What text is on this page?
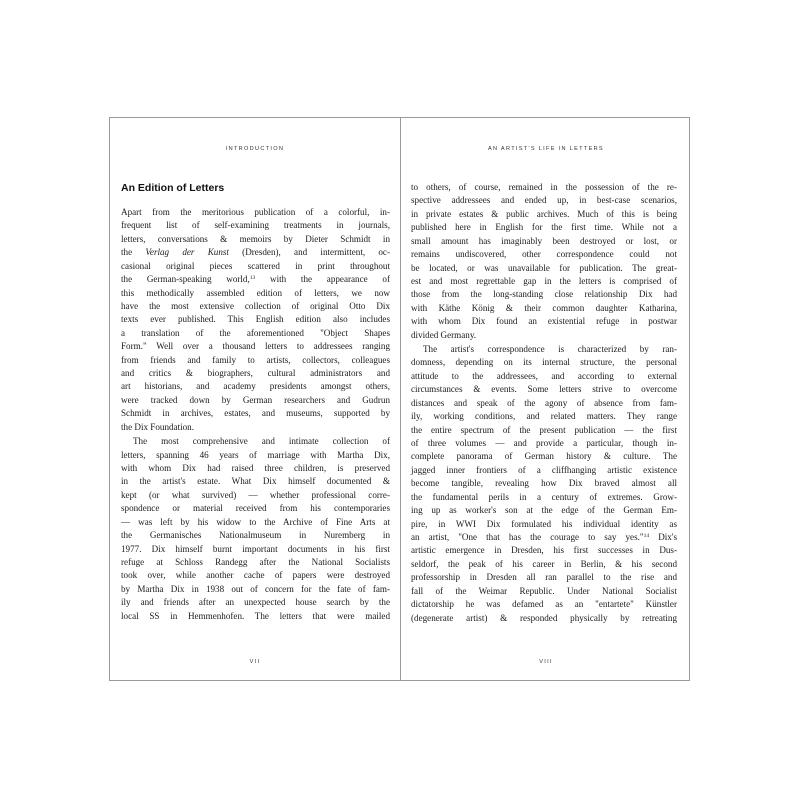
INTRODUCTION
An Edition of Letters
Apart from the meritorious publication of a colorful, in-
frequent list of self-examining treatments in journals,
letters, conversations & memoirs by Dieter Schmidt in
the Verlag der Kunst (Dresden), and intermittent, oc-
casional original pieces scattered in print throughout
the German-speaking world,$^{13}$ with the appearance of
this methodically assembled edition of letters, we now
have the most extensive collection of original Otto Dix
texts ever published. This English edition also includes
a translation of the aforementioned "Object Shapes
Form." Well over a thousand letters to addressees ranging
from friends and family to artists, collectors, colleagues
and critics & biographers, cultural administrators and
art historians, and academy presidents amongst others,
were tracked down by German researchers and Gudrun
Schmidt in archives, estates, and museums, supported by
the Dix Foundation.
The most comprehensive and intimate collection of
letters, spanning 46 years of marriage with Martha Dix,
with whom Dix had raised three children, is preserved
in the artist's estate. What Dix himself documented &
kept (or what survived) — whether professional corre-
spondence or material received from his contemporaries
— was left by his widow to the Archive of Fine Arts at
the Germanisches Nationalmuseum in Nuremberg in
1977. Dix himself burnt important documents in his first
refuge at Schloss Randegg after the National Socialists
took over, while another cache of papers were destroyed
by Martha Dix in 1938 out of concern for the fate of fam-
ily and friends after an unexpected house search by the
local SS in Hemmenhofen. The letters that were mailed
VII
AN ARTIST'S LIFE IN LETTERS
to others, of course, remained in the possession of the re-
spective addressees and ended up, in best-case scenarios,
in private estates & public archives. Much of this is being
published here in English for the first time. While not a
small amount has imaginably been destroyed or lost, or
remains undiscovered, other correspondence could not
be located, or was unavailable for publication. The great-
est and most regrettable gap in the letters is comprised of
those from the long-standing close relationship Dix had
with Käthe König & their common daughter Katharina,
with whom Dix found an existential refuge in postwar
divided Germany.
The artist's correspondence is characterized by ran-
domness, depending on its internal structure, the personal
attitude to the addressees, and according to external
circumstances & events. Some letters strive to overcome
distances and speak of the agony of absence from fam-
ily, working conditions, and related matters. They range
the entire spectrum of the present publication — the first
of three volumes — and provide a particular, though in-
complete panorama of German history & culture. The
jagged inner frontiers of a cliffhanging artistic existence
become tangible, revealing how Dix braved almost all
the fundamental perils in a century of extremes. Grow-
ing up as worker's son at the edge of the German Em-
pire, in WWI Dix formulated his individual identity as
an artist, "One that has the courage to say yes."$^{14}$ Dix's
artistic emergence in Dresden, his first successes in Dus-
seldorf, the peak of his career in Berlin, & his second
professorship in Dresden all ran parallel to the rise and
fall of the Weimar Republic. Under National Socialist
dictatorship he was defamed as an "entartete" Künstler
(degenerate artist) & responded physically by retreating
VIII
